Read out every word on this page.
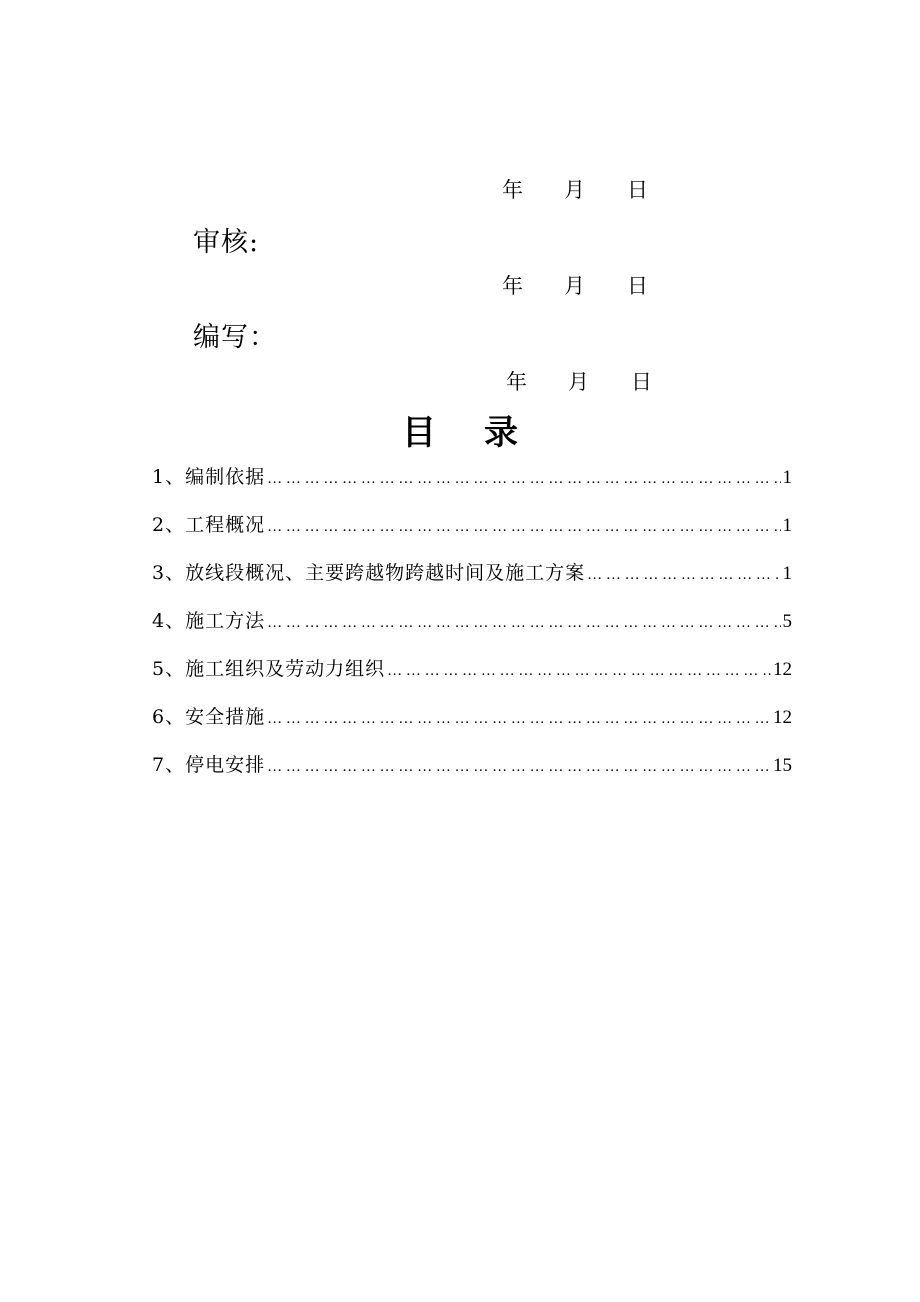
年 月 日
审核:
年 月 日
编写：
年 月 日
目 录
1、 编制依据 … … … … … … … … … … … … … … … … … … … … … … … … … … … … … … … … … … … … … … … … … … … … … … … … … … …	1
2、 工程概况 … … … … … … … … … … … … … … … … … … … … … … … … … … … … … … … … … … … … … … … … … … … … … … … … … … …	1
3、 放线段概况、主要跨越物跨越时间及施工方案 … … … … … … … … … … … … … … … … … … … … … … … … … … … … … … … … … … … … … … … … … … … … … … … … … … …	1
4、 施工方法 … … … … … … … … … … … … … … … … … … … … … … … … … … … … … … … … … … … … … … … … … … … … … … … … … … …	5
5、 施工组织及劳动力组织 … … … … … … … … … … … … … … … … … … … … … … … … … … … … … … … … … … … … … … … … … … … … … … … … … … …	12
6、 安全措施 … … … … … … … … … … … … … … … … … … … … … … … … … … … … … … … … … … … … … … … … … … … … … … … … … … …	12
7、 停电安排 … … … … … … … … … … … … … … … … … … … … … … … … … … … … … … … … … … … … … … … … … … … … … … … … … … …	15
